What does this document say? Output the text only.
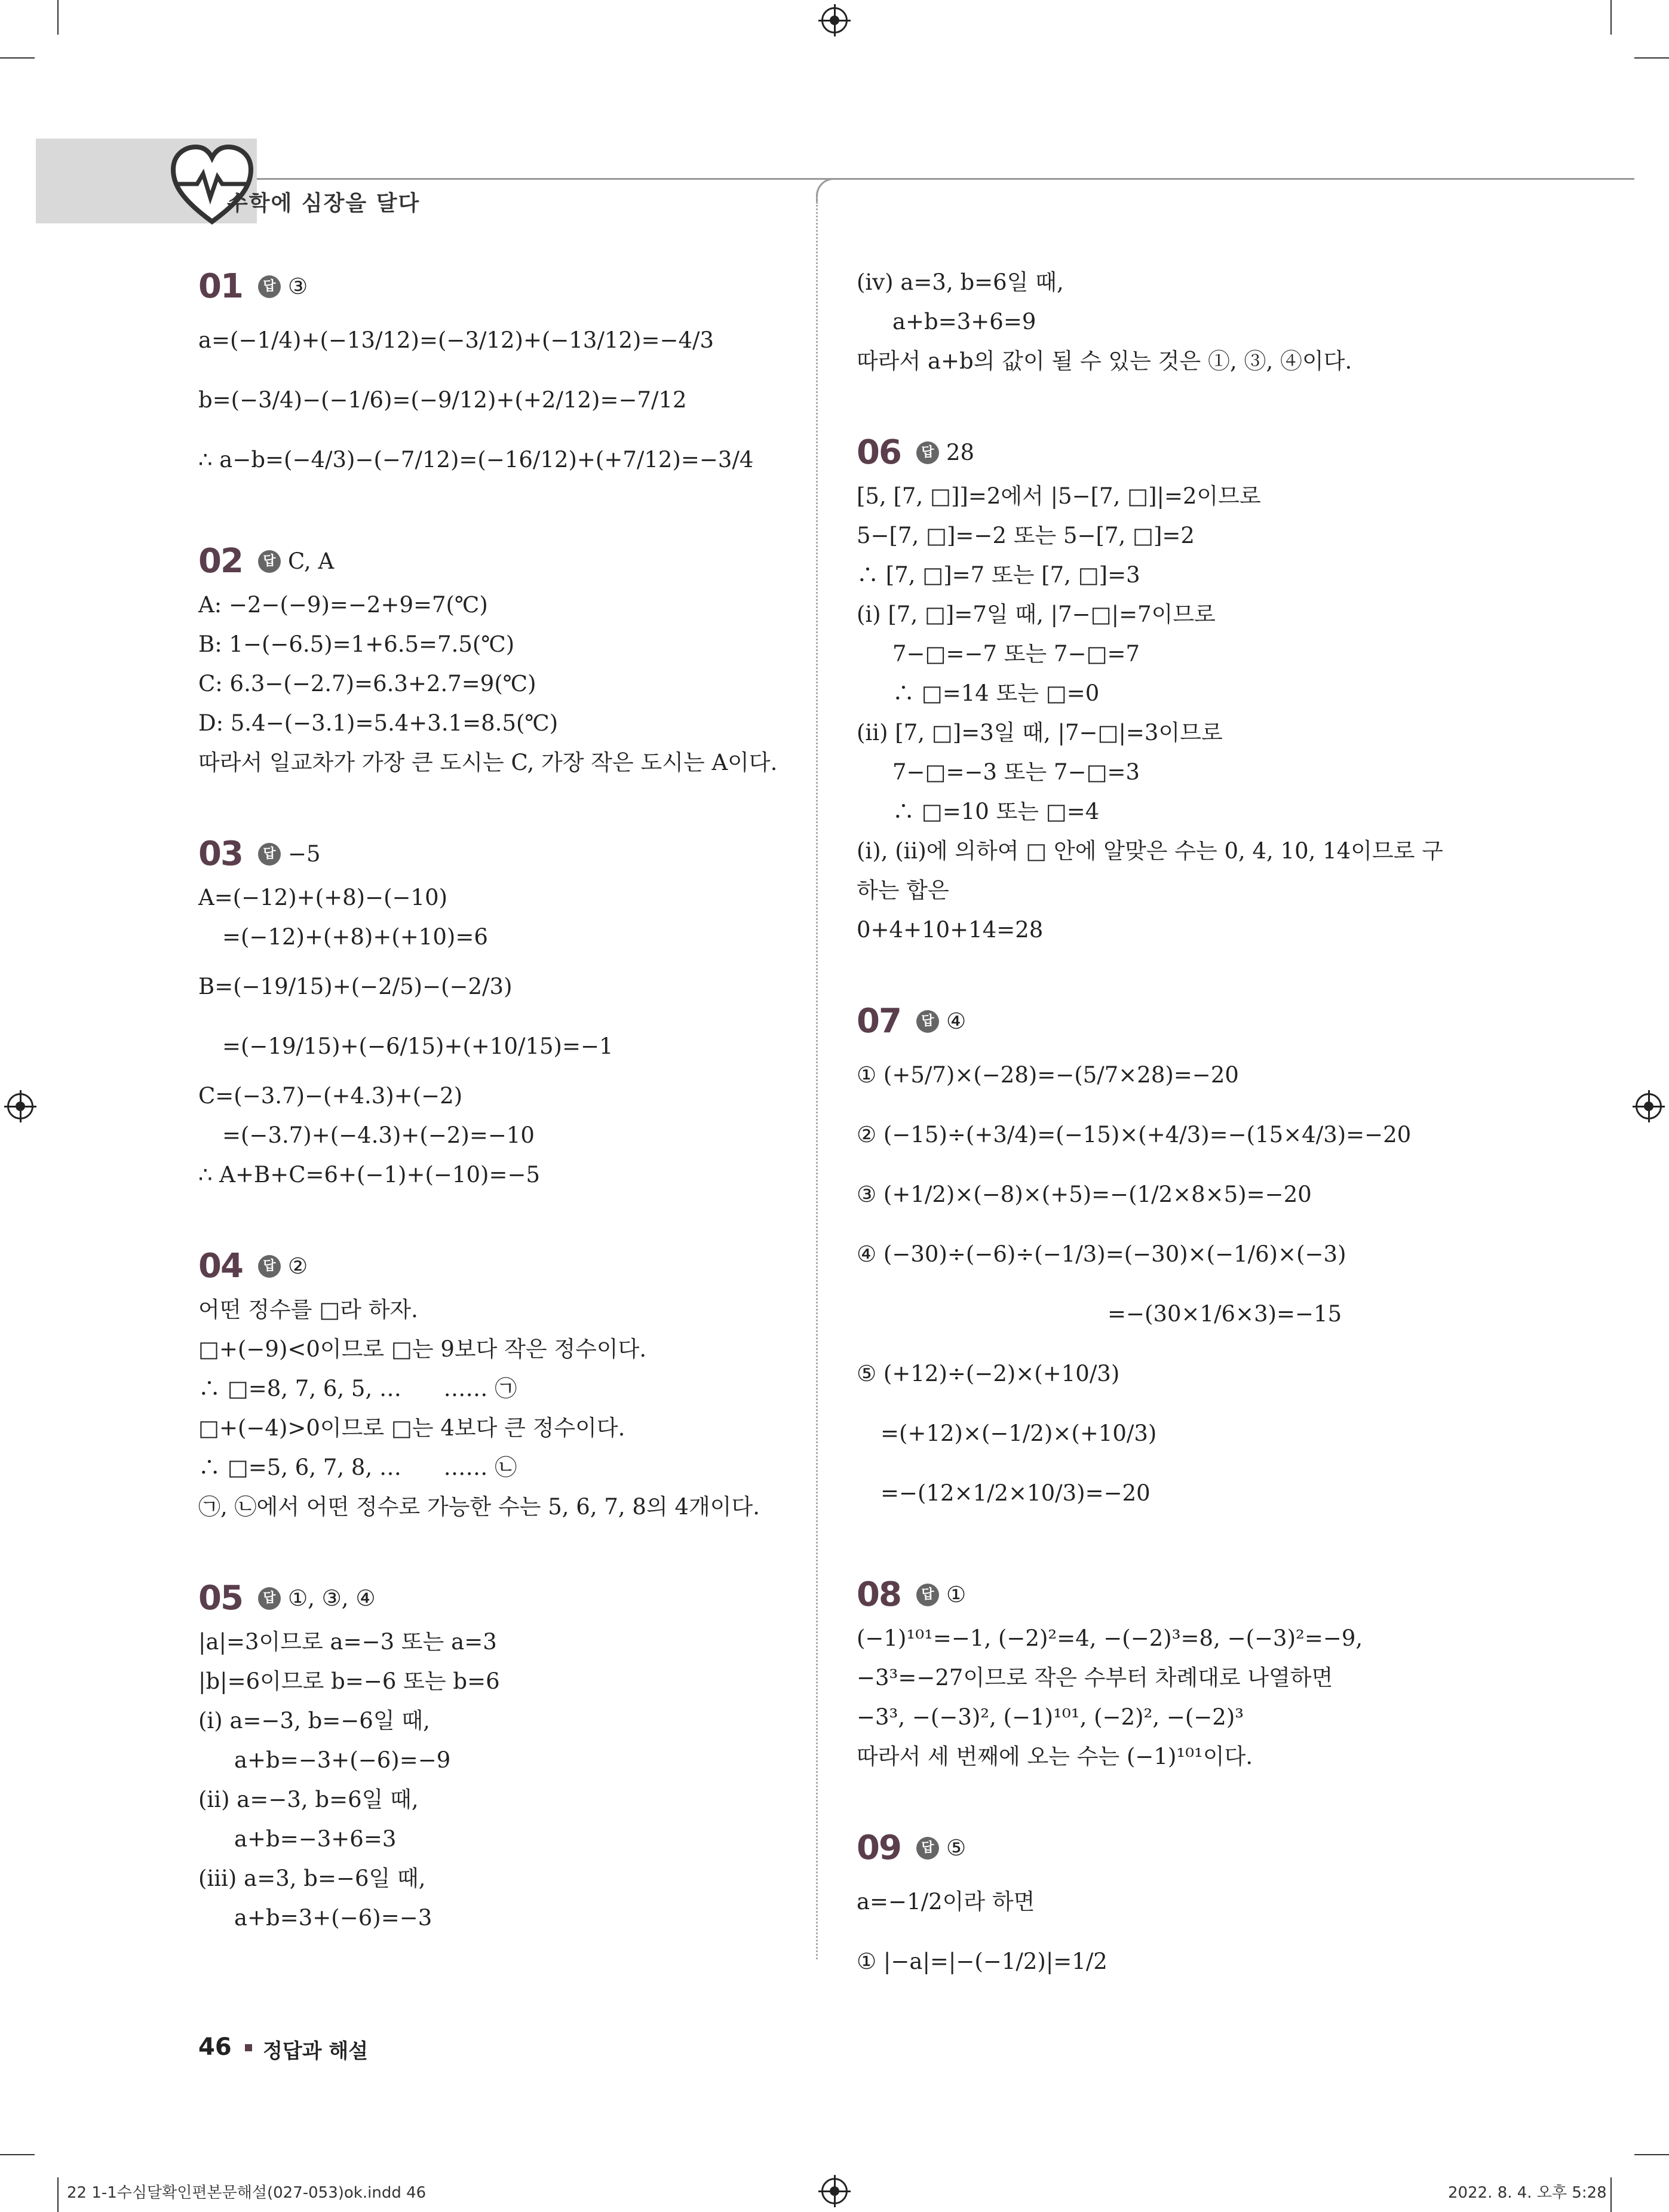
수학에 심장을 달다
01	답 ③
a=(−1/4)+(−13/12)=(−3/12)+(−13/12)=−4/3
b=(−3/4)−(−1/6)=(−9/12)+(+2/12)=−7/12
∴ a−b=(−4/3)−(−7/12)=(−16/12)+(+7/12)=−3/4
02	답 C, A
A: −2−(−9)=−2+9=7(℃)
B: 1−(−6.5)=1+6.5=7.5(℃)
C: 6.3−(−2.7)=6.3+2.7=9(℃)
D: 5.4−(−3.1)=5.4+3.1=8.5(℃)
따라서 일교차가 가장 큰 도시는 C, 가장 작은 도시는 A이다.
03	답 −5
A=(−12)+(+8)−(−10)
=(−12)+(+8)+(+10)=6
B=(−19/15)+(−2/5)−(−2/3)
=(−19/15)+(−6/15)+(+10/15)=−1
C=(−3.7)−(+4.3)+(−2)
=(−3.7)+(−4.3)+(−2)=−10
∴ A+B+C=6+(−1)+(−10)=−5
04	답 ②
어떤 정수를 □라 하자.
□+(−9)<0이므로 □는 9보다 작은 정수이다.
∴ □=8, 7, 6, 5, …      …… ㉠
□+(−4)>0이므로 □는 4보다 큰 정수이다.
∴ □=5, 6, 7, 8, …      …… ㉡
㉠, ㉡에서 어떤 정수로 가능한 수는 5, 6, 7, 8의 4개이다.
05	답 ①, ③, ④
|a|=3이므로 a=−3 또는 a=3
|b|=6이므로 b=−6 또는 b=6
(ⅰ) a=−3, b=−6일 때,
a+b=−3+(−6)=−9
(ⅱ) a=−3, b=6일 때,
a+b=−3+6=3
(ⅲ) a=3, b=−6일 때,
a+b=3+(−6)=−3
(ⅳ) a=3, b=6일 때,
a+b=3+6=9
따라서 a+b의 값이 될 수 있는 것은 ①, ③, ④이다.
06	답 28
[5, [7, □]]=2에서 |5−[7, □]|=2이므로
5−[7, □]=−2 또는 5−[7, □]=2
∴ [7, □]=7 또는 [7, □]=3
(ⅰ) [7, □]=7일 때, |7−□|=7이므로
7−□=−7 또는 7−□=7
∴ □=14 또는 □=0
(ⅱ) [7, □]=3일 때, |7−□|=3이므로
7−□=−3 또는 7−□=3
∴ □=10 또는 □=4
(ⅰ), (ⅱ)에 의하여 □ 안에 알맞은 수는 0, 4, 10, 14이므로 구
하는 합은
0+4+10+14=28
07	답 ④
① (+5/7)×(−28)=−(5/7×28)=−20
② (−15)÷(+3/4)=(−15)×(+4/3)=−(15×4/3)=−20
③ (+1/2)×(−8)×(+5)=−(1/2×8×5)=−20
④ (−30)÷(−6)÷(−1/3)=(−30)×(−1/6)×(−3)
=−(30×1/6×3)=−15
⑤ (+12)÷(−2)×(+10/3)
=(+12)×(−1/2)×(+10/3)
=−(12×1/2×10/3)=−20
08	답 ①
(−1)¹⁰¹=−1, (−2)²=4, −(−2)³=8, −(−3)²=−9,
−3³=−27이므로 작은 수부터 차례대로 나열하면
−3³, −(−3)², (−1)¹⁰¹, (−2)², −(−2)³
따라서 세 번째에 오는 수는 (−1)¹⁰¹이다.
09	답 ⑤
a=−1/2이라 하면
① |−a|=|−(−1/2)|=1/2
46 정답과 해설
22 1-1수심달확인편본문해설(027-053)ok.indd 46	2022. 8. 4. 오후 5:28
